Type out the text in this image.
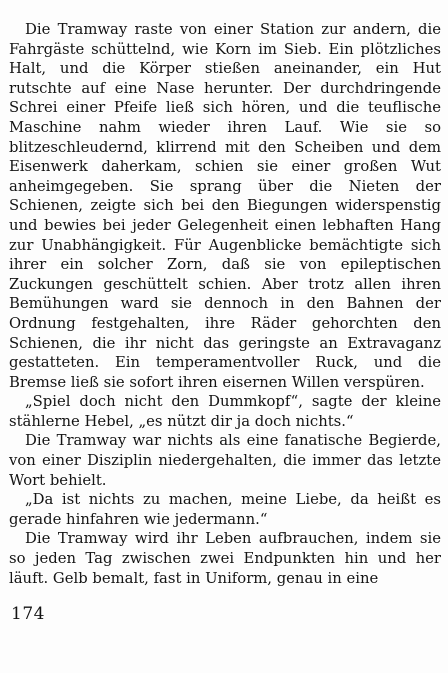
Die Tramway raste von einer Station zur andern, die Fahrgäste schüttelnd, wie Korn im Sieb. Ein plötzliches Halt, und die Körper stießen aneinander, ein Hut rutschte auf eine Nase herunter. Der durchdringende Schrei einer Pfeife ließ sich hören, und die teuflische Maschine nahm wieder ihren Lauf. Wie sie so blitzeschleudernd, klirrend mit den Scheiben und dem Eisenwerk daherkam, schien sie einer großen Wut anheimgegeben. Sie sprang über die Nieten der Schienen, zeigte sich bei den Biegungen widerspenstig und bewies bei jeder Gelegenheit einen lebhaften Hang zur Unabhängigkeit. Für Augenblicke bemächtigte sich ihrer ein solcher Zorn, daß sie von epileptischen Zuckungen geschüttelt schien. Aber trotz allen ihren Bemühungen ward sie dennoch in den Bahnen der Ordnung festgehalten, ihre Räder gehorchten den Schienen, die ihr nicht das geringste an Extravaganz gestatteten. Ein temperamentvoller Ruck, und die Bremse ließ sie sofort ihren eisernen Willen verspüren.

„Spiel doch nicht den Dummkopf“, sagte der kleine stählerne Hebel, „es nützt dir ja doch nichts.“

Die Tramway war nichts als eine fanatische Begierde, von einer Disziplin niedergehalten, die immer das letzte Wort behielt.

„Da ist nichts zu machen, meine Liebe, da heißt es gerade hinfahren wie jedermann.“

Die Tramway wird ihr Leben aufbrauchen, indem sie so jeden Tag zwischen zwei Endpunkten hin und her läuft. Gelb bemalt, fast in Uniform, genau in eine

174
